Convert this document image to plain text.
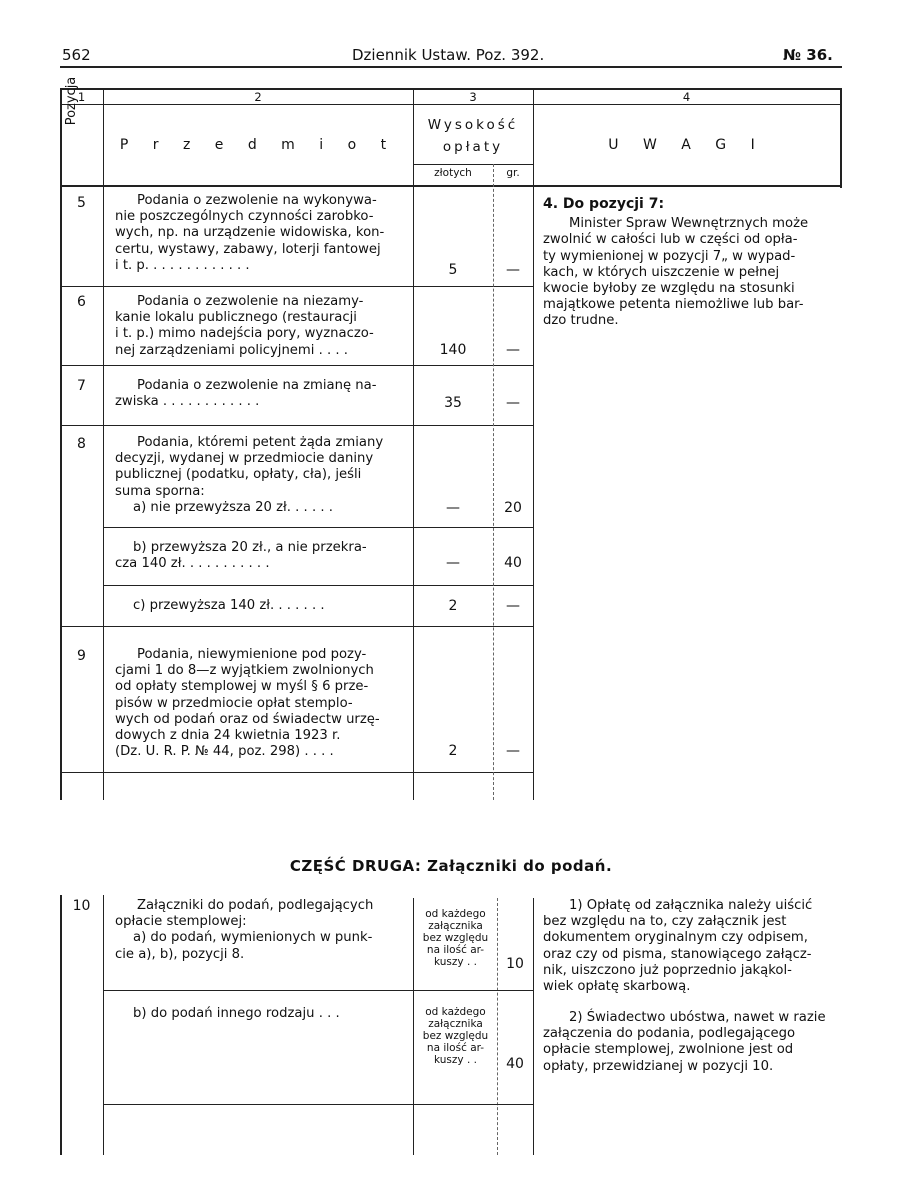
562	Dziennik Ustaw. Poz. 392.	№ 36.
1	2	3	4
Pozycja
P r z e d m i o t
Wysokość
opłaty
złotych	gr.
U W A G I
5	Podania o zezwolenie na wykonywa-
nie poszczególnych czynności zarobko-
wych, np. na urządzenie widowiska, kon-
certu, wystawy, zabawy, loterji fantowej
i t. p. . . . . . . . . . . . .	5	—
6	Podania o zezwolenie na niezamy-
kanie lokalu publicznego (restauracji
i t. p.) mimo nadejścia pory, wyznaczo-
nej zarządzeniami policyjnemi . . . .	140	—
7	Podania o zezwolenie na zmianę na-
zwiska . . . . . . . . . . . .	35	—
8	Podania, któremi petent żąda zmiany
decyzji, wydanej w przedmiocie daniny
publicznej (podatku, opłaty, cła), jeśli
suma sporna:
a) nie przewyższa 20 zł. . . . . .	—	20
b) przewyższa 20 zł., a nie przekra-
cza 140 zł. . . . . . . . . . .	—	40
c) przewyższa 140 zł. . . . . . .	2	—
9	Podania, niewymienione pod pozy-
cjami 1 do 8—z wyjątkiem zwolnionych
od opłaty stemplowej w myśl § 6 prze-
pisów w przedmiocie opłat stemplo-
wych od podań oraz od świadectw urzę-
dowych z dnia 24 kwietnia 1923 r.
(Dz. U. R. P. № 44, poz. 298) . . . .	2	—
4. Do pozycji 7:
Minister Spraw Wewnętrznych może
zwolnić w całości lub w części od opła-
ty wymienionej w pozycji 7„ w wypad-
kach, w których uiszczenie w pełnej
kwocie byłoby ze względu na stosunki
majątkowe petenta niemożliwe lub bar-
dzo trudne.
CZĘŚĆ DRUGA: Załączniki do podań.
10	Załączniki do podań, podlegających
opłacie stemplowej:
a) do podań, wymienionych w punk-
cie a), b), pozycji 8.
od każdego
załącznika
bez względu
na ilość ar-
kuszy . .	10
b) do podań innego rodzaju . . .	od każdego
załącznika
bez względu
na ilość ar-
kuszy . .	40
1) Opłatę od załącznika należy uiścić
bez względu na to, czy załącznik jest
dokumentem oryginalnym czy odpisem,
oraz czy od pisma, stanowiącego załącz-
nik, uiszczono już poprzednio jakąkol-
wiek opłatę skarbową.
2) Świadectwo ubóstwa, nawet w razie
załączenia do podania, podlegającego
opłacie stemplowej, zwolnione jest od
opłaty, przewidzianej w pozycji 10.
